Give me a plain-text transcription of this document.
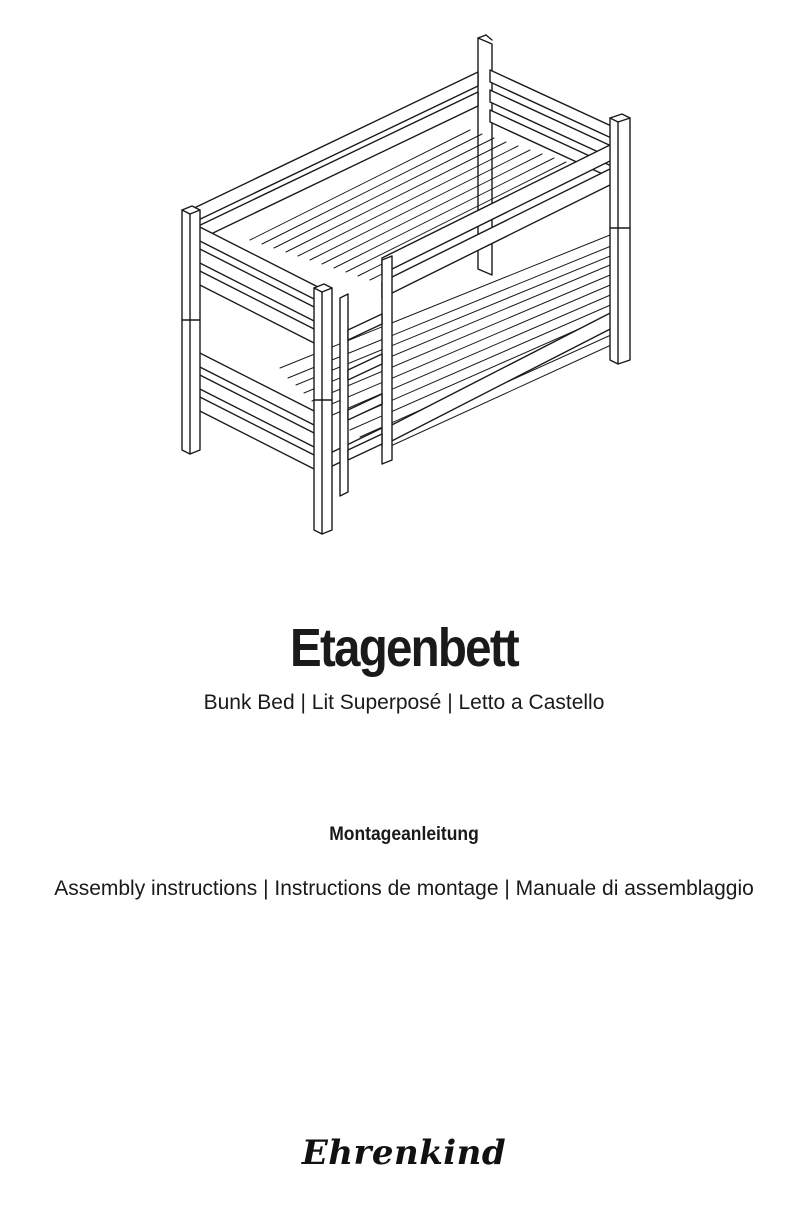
Etagenbett
Bunk Bed | Lit Superposé | Letto a Castello
Montageanleitung
Assembly instructions | Instructions de montage | Manuale di assemblaggio
Ehrenkind
